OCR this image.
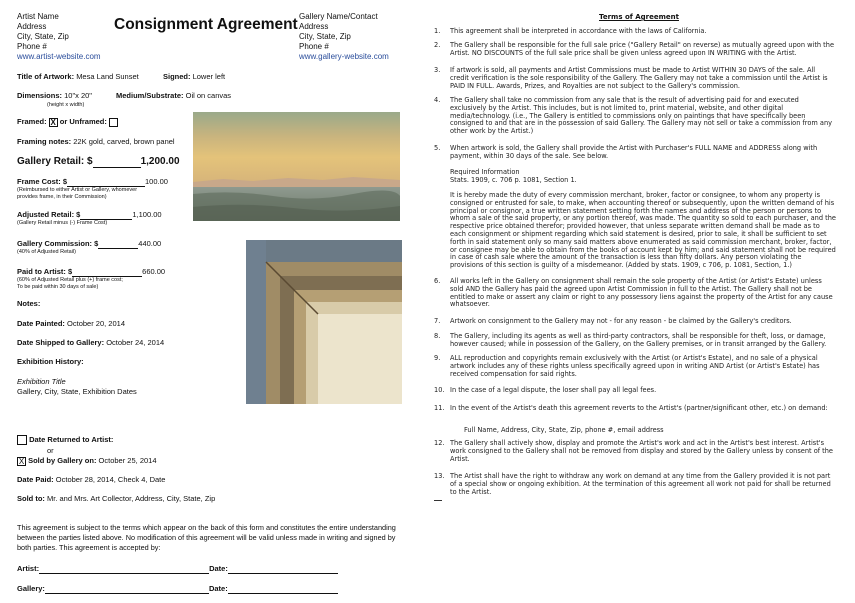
Artist Name
Address
City, State, Zip
Phone #
www.artist-website.com
Consignment Agreement Gallery Name/Contact
Address
City, State, Zip
Phone #
www.gallery-website.com
Title of Artwork: Mesa Land Sunset	Signed: Lower left
Dimensions: 10"x 20"
(height x width)
Medium/Substrate: Oil on canvas
Framed: X or Unframed:
Framing notes: 22K gold, carved, brown panel
Gallery Retail: $	1,200.00
Frame Cost: $	100.00
(Reimbursed to either Artist or Gallery, whomever
provides frame, in their Commission)
Adjusted Retail: $	1,100.00
(Gallery Retail minus (-) Frame Cost)
Gallery Commission: $	440.00
(40% of Adjusted Retail)
Paid to Artist: $	660.00
(60% of Adjusted Retail plus (+) frame cost;
To be paid within 30 days of sale)
Notes:
Date Painted: October 20, 2014
Date Shipped to Gallery: October 24, 2014
Exhibition History:
Exhibition Title
Gallery, City, State, Exhibition Dates
Date Returned to Artist:
or
X Sold by Gallery on: October 25, 2014
Date Paid: October 28, 2014, Check 4, Date
Sold to: Mr. and Mrs. Art Collector, Address, City, State, Zip
This agreement is subject to the terms which appear on the back of this form and constitutes the entire understanding
between the parties listed above. No modification of this agreement will be valid unless made in writing and signed by
both parties. This agreement is accepted by:
Artist:	Date:
Gallery:	Date:
Terms of Agreement
1.	This agreement shall be interpreted in accordance with the laws of California.
2.	The Gallery shall be responsible for the full sale price ("Gallery Retail" on reverse) as mutually agreed upon with the Artist. NO DISCOUNTS of the full sale price shall be given unless agreed upon IN WRITING with the Artist.
3.	If artwork is sold, all payments and Artist Commissions must be made to Artist WITHIN 30 DAYS of the sale. All credit verification is the sole responsibility of the Gallery. The Gallery may not take a commission until the Artist is PAID IN FULL. Awards, Prizes, and Royalties are not subject to the Gallery's commission.
4.	The Gallery shall take no commission from any sale that is the result of advertising paid for and executed exclusively by the Artist. This includes, but is not limited to, print material, website, and other digital media/technology. (i.e., The Gallery is entitled to commissions only on paintings that have specifically been consigned to and that are in the possession of said Gallery. The Gallery may not sell or take a commission from any other work by the Artist.)
5.	When artwork is sold, the Gallery shall provide the Artist with Purchaser's FULL NAME and ADDRESS along with payment, within 30 days of the sale. See below.
Required Information
Stats. 1909, c. 706 p. 1081, Section 1.
It is hereby made the duty of every commission merchant, broker, factor or consignee, to whom any property is consigned or entrusted for sale, to make, when accounting thereof or subsequently, upon the written demand of his principal or consignor, a true written statement setting forth the names and address of the person or persons to whom a sale of the said property, or any portion thereof, was made. The quantity so sold to each purchaser, and the respective price obtained therefor; provided however, that unless separate written demand shall be made as to each consignment or shipment regarding which said statement is desired, prior to sale, it shall be sufficient to set forth in said statement only so many said matters above enumerated as said commission merchant, broker, factor, or consignee may be able to obtain from the books of account kept by him; and said statement shall not be required in case of cash sale where the amount of the transaction is less than fifty dollars. Any person violating the provisions of this section is guilty of a misdemeanor. (Added by stats. 1909, c 706, p. 1081, Section, 1.)
6.	All works left in the Gallery on consignment shall remain the sole property of the Artist (or Artist's Estate) unless sold AND the Gallery has paid the agreed upon Artist Commission in full to the Artist. The Gallery shall not be entitled to make or assert any claim or right to any possessory liens against the property of the Artist for any cause whatsoever.
7.	Artwork on consignment to the Gallery may not - for any reason - be claimed by the Gallery's creditors.
8.	The Gallery, including its agents as well as third-party contractors, shall be responsible for theft, loss, or damage, however caused; while in possession of the Gallery, on the Gallery premises, or in transit arranged by the Gallery.
9.	ALL reproduction and copyrights remain exclusively with the Artist (or Artist's Estate), and no sale of a physical artwork includes any of these rights unless specifically agreed upon in writing AND Artist (or Artist's Estate) has received compensation for said rights.
10. In the case of a legal dispute, the loser shall pay all legal fees.
11. In the event of the Artist's death this agreement reverts to the Artist's (partner/significant other, etc.) on demand:
Full Name, Address, City, State, Zip, phone #, email address
12. The Gallery shall actively show, display and promote the Artist's work and act in the Artist's best interest. Artist's work consigned to the Gallery shall not be removed from display and stored by the Gallery unless by consent of the Artist.
13. The Artist shall have the right to withdraw any work on demand at any time from the Gallery provided it is not part of a special show or ongoing exhibition. At the termination of this agreement all work not paid for shall be returned to the Artist.
